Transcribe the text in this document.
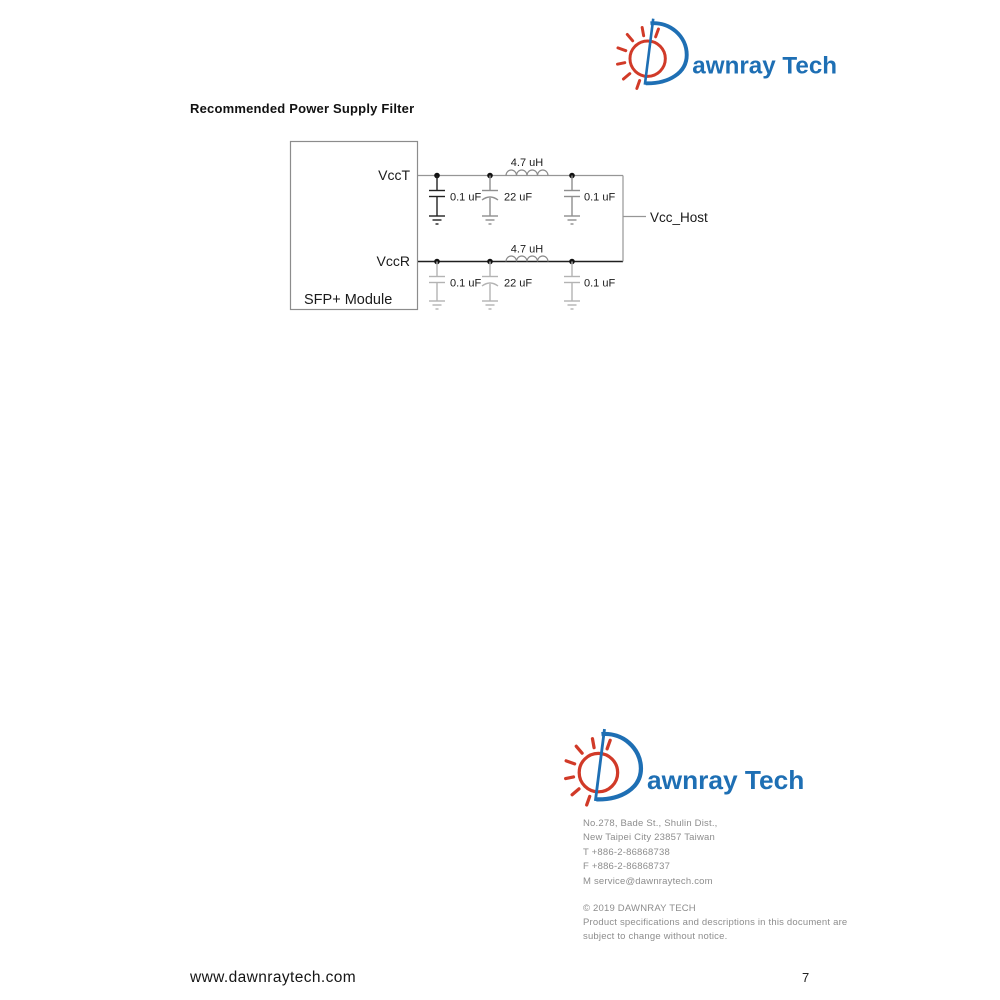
awnray Tech
Recommended Power Supply Filter
VccT
VccR
SFP+ Module
Vcc_Host
4.7 uH
4.7 uH
0.1 uF 22 uF	0.1 uF
0.1 uF 22 uF	0.1 uF
awnray Tech
No.278, Bade St., Shulin Dist.,
New Taipei City 23857 Taiwan
T +886-2-86868738
F +886-2-86868737
M service@dawnraytech.com
© 2019 DAWNRAY TECH
Product specifications and descriptions in this document are
subject to change without notice.
www.dawnraytech.com	7
